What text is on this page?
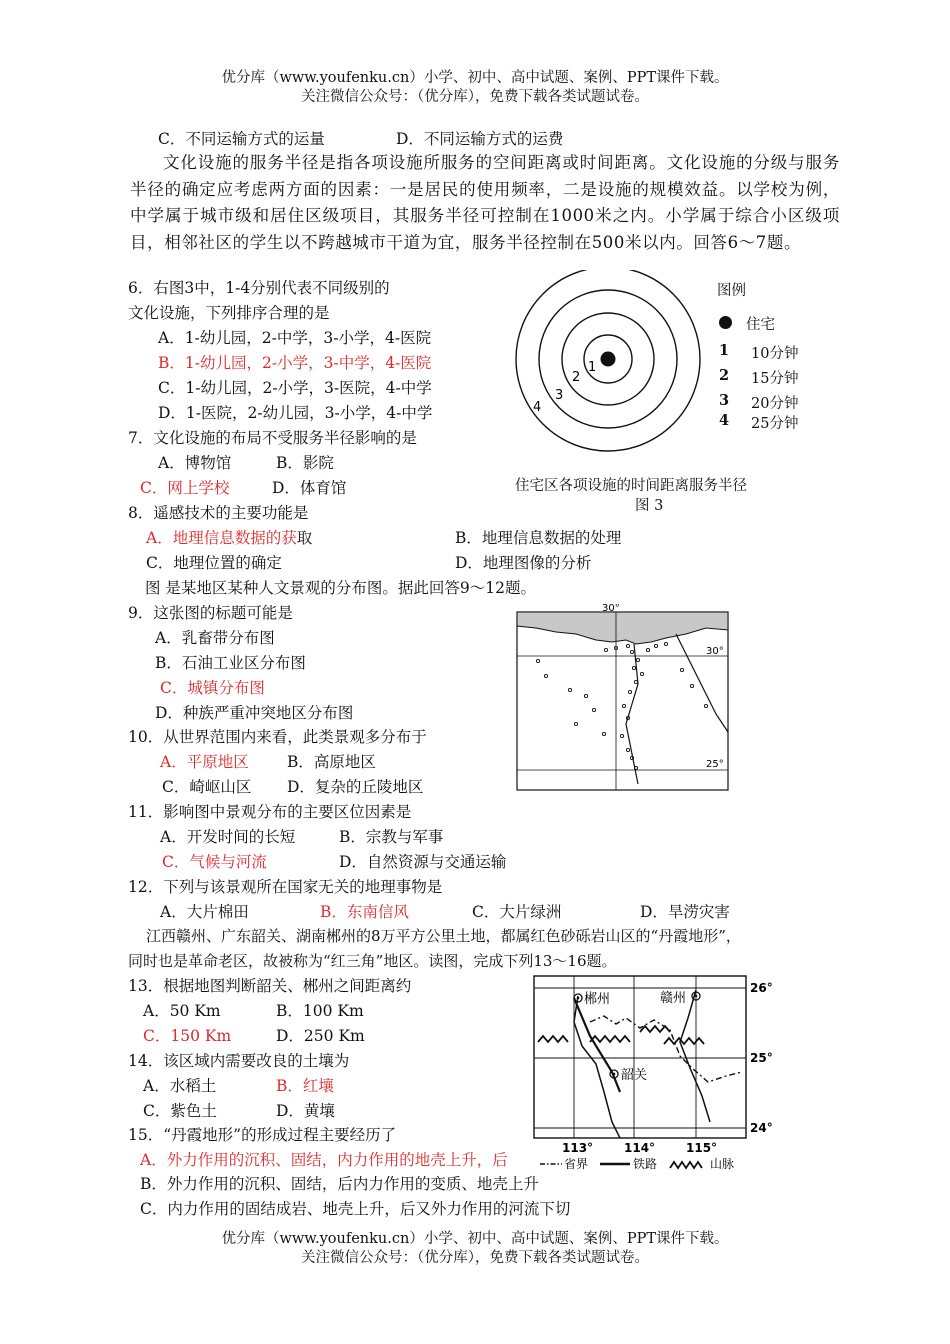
优分库（www.youfenku.cn）小学、初中、高中试题、案例、PPT课件下载。
关注微信公众号：（优分库），免费下载各类试题试卷。
C．不同运输方式的运量	D．不同运输方式的运费
文化设施的服务半径是指各项设施所服务的空间距离或时间距离。文化设施的分级与服务半径的确定应考虑两方面的因素：一是居民的使用频率，二是设施的规模效益。以学校为例，中学属于城市级和居住区级项目，其服务半径可控制在1000米之内。小学属于综合小区级项目，相邻社区的学生以不跨越城市干道为宜，服务半径控制在500米以内。回答6～7题。
6．右图3中，1-4分别代表不同级别的
文化设施，下列排序合理的是
A．1-幼儿园，2-中学，3-小学，4-医院
B．1-幼儿园，2-小学，3-中学，4-医院
C．1-幼儿园，2-小学，3-医院，4-中学
D．1-医院，2-幼儿园，3-小学，4-中学
7．文化设施的布局不受服务半径影响的是
A．博物馆	B．影院
C．网上学校	D．体育馆
1
2
3
4
图例
住宅
1 10分钟
2 15分钟
3 20分钟
4 25分钟
住宅区各项设施的时间距离服务半径
图 3
8．遥感技术的主要功能是
A．地理信息数据的获取	B．地理信息数据的处理
C．地理位置的确定	D．地理图像的分析
图 是某地区某种人文景观的分布图。据此回答9～12题。
9．这张图的标题可能是
A．乳畜带分布图
B．石油工业区分布图
C．城镇分布图
D．种族严重冲突地区分布图
30°
30°
25°
10．从世界范围内来看，此类景观多分布于
A．平原地区 B．高原地区
C．崎岖山区 D．复杂的丘陵地区
11．影响图中景观分布的主要区位因素是
A．开发时间的长短	B．宗教与军事
C．气候与河流	D．自然资源与交通运输
12．下列与该景观所在国家无关的地理事物是
A．大片棉田	B．东南信风	C．大片绿洲	D．旱涝灾害
江西赣州、广东韶关、湖南郴州的8万平方公里土地，都属红色砂砾岩山区的“丹霞地形”，
同时也是革命老区，故被称为“红三角”地区。读图，完成下列13～16题。
13．根据地图判断韶关、郴州之间距离约
A．50 Km	B．100 Km
C．150 Km	D．250 Km
14．该区域内需要改良的土壤为
A．水稻土	B．红壤
C．紫色土	D．黄壤
15．“丹霞地形”的形成过程主要经历了
A．外力作用的沉积、固结，内力作用的地壳上升，后
B．外力作用的沉积、固结，后内力作用的变质、地壳上升
C．内力作用的固结成岩、地壳上升，后又外力作用的河流下切
郴州	赣州
韶关
26°
25°
24°
113°	114°	115°
省界	铁路	山脉
优分库（www.youfenku.cn）小学、初中、高中试题、案例、PPT课件下载。
关注微信公众号：（优分库），免费下载各类试题试卷。
